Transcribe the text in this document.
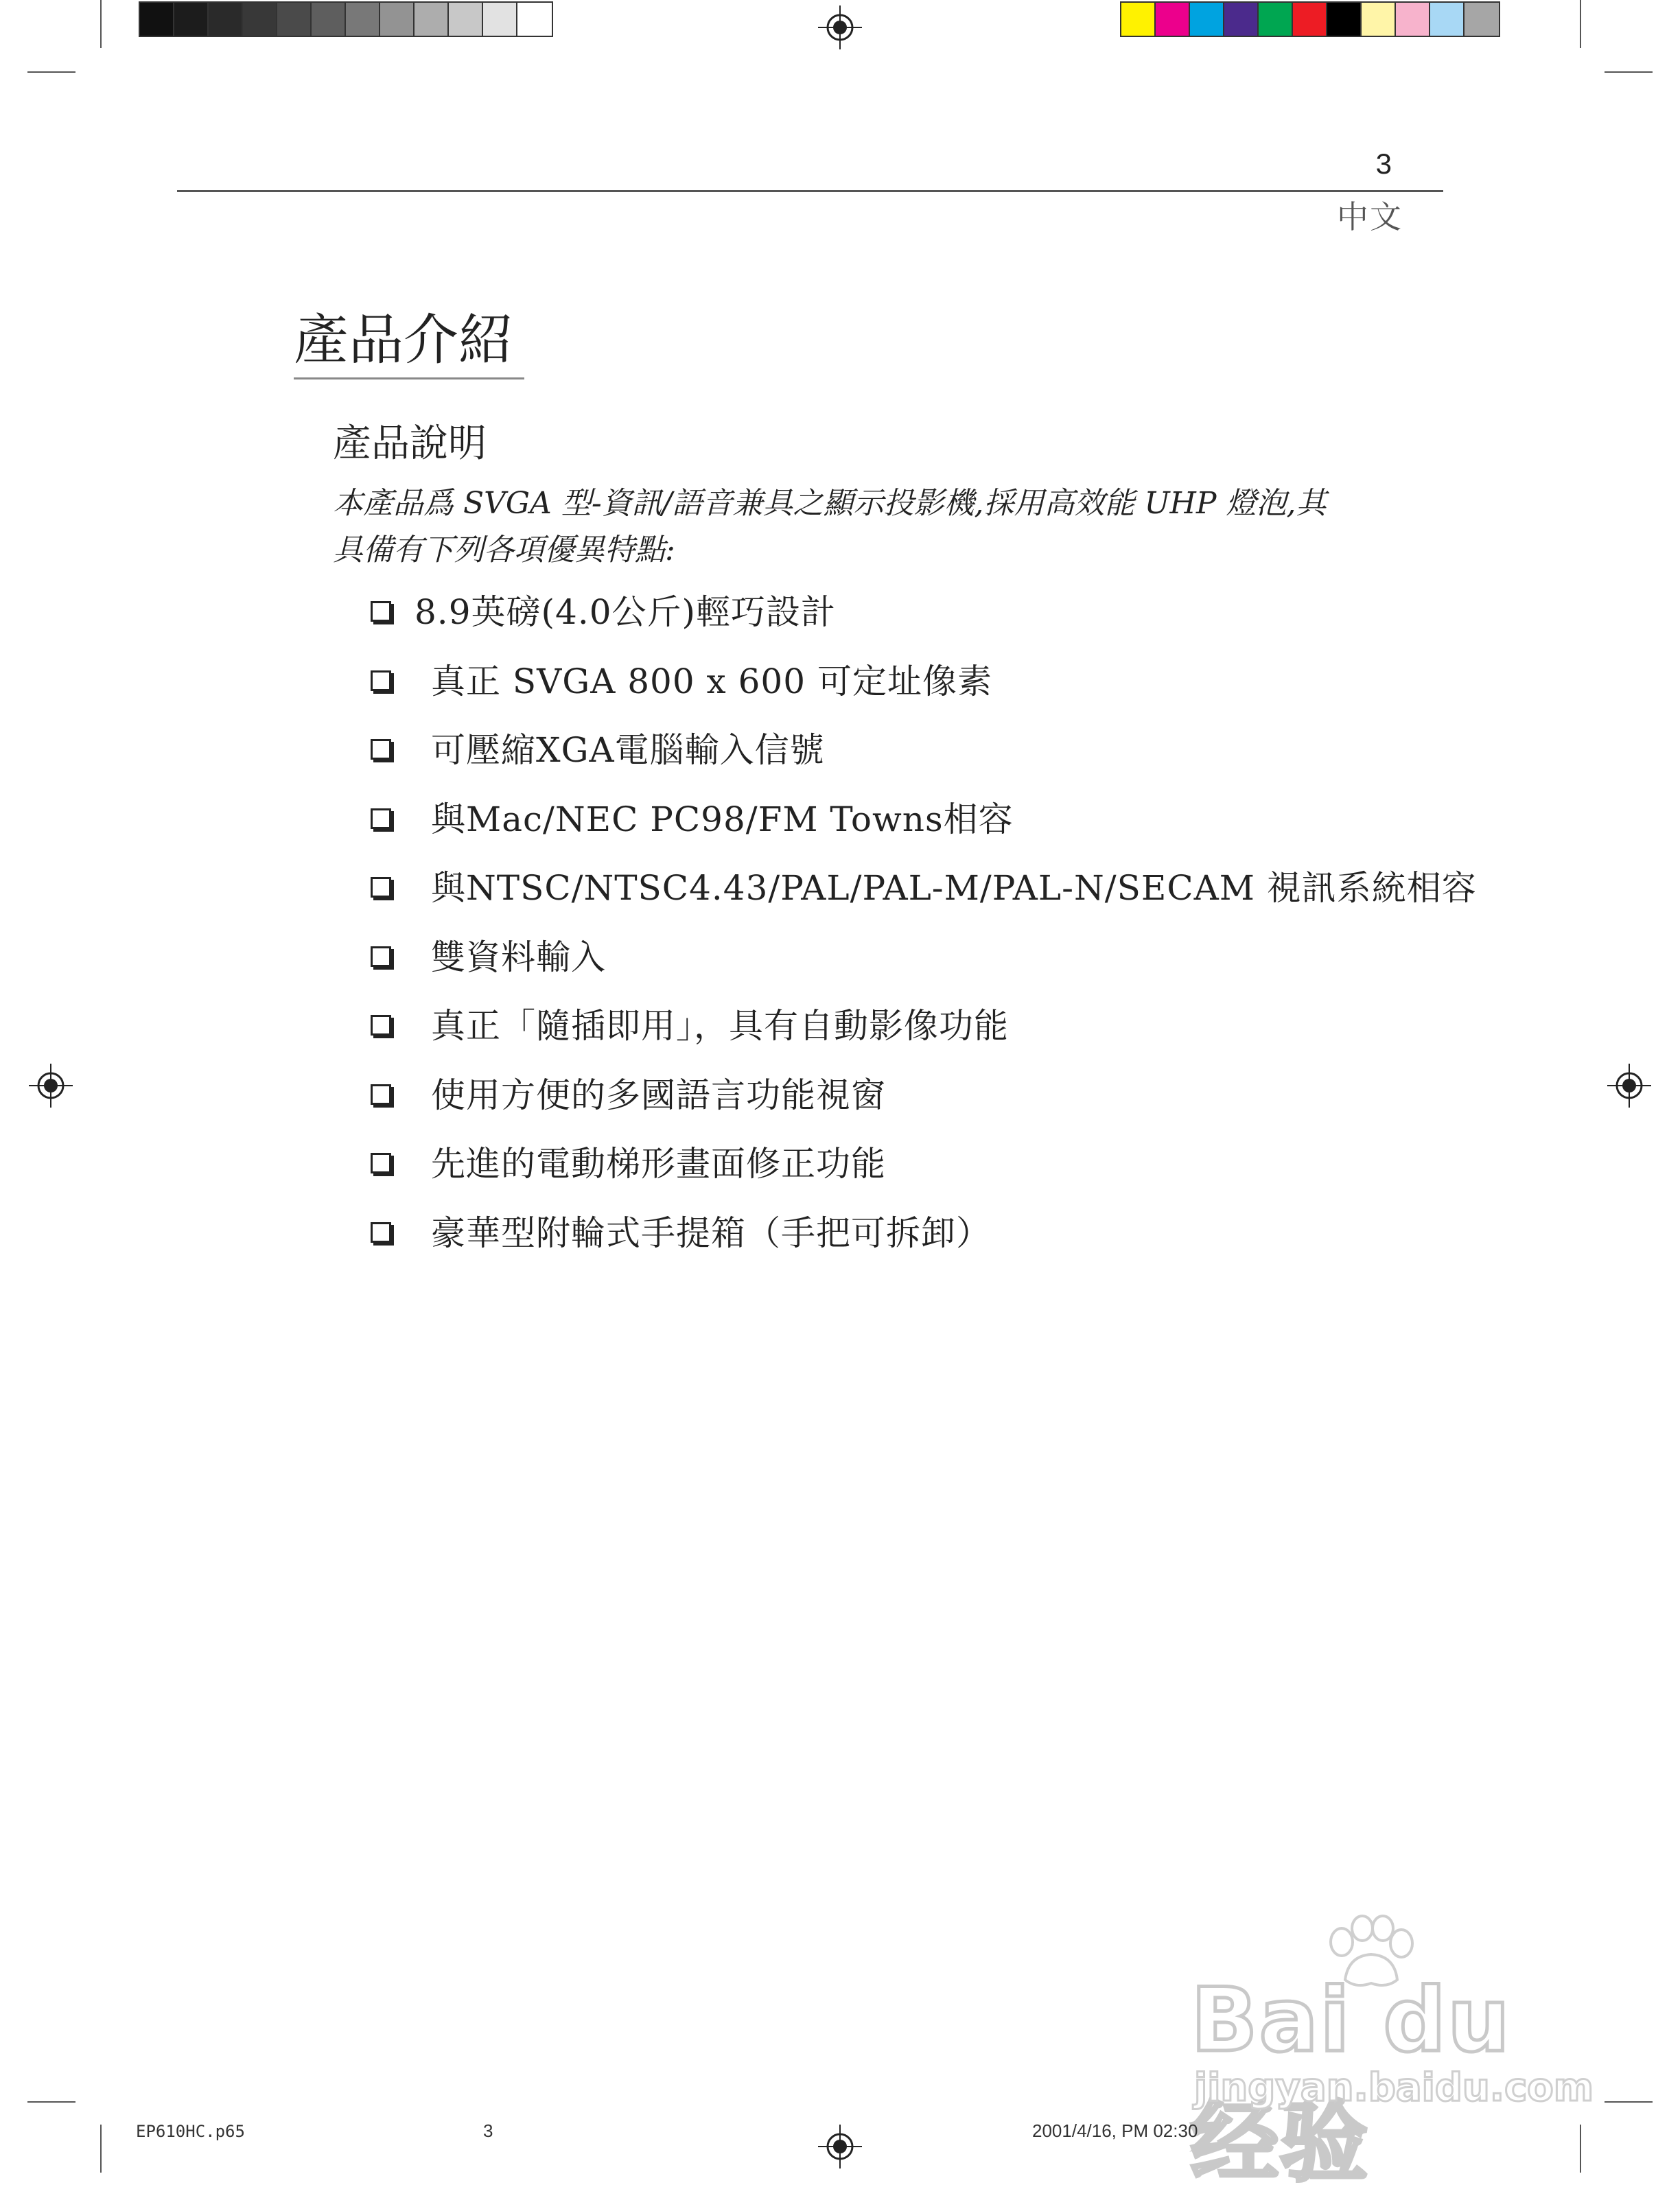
3
中文
產品介紹
產品說明
本產品爲 SVGA 型-資訊/語音兼具之顯示投影機,採用高效能 UHP 燈泡,其
具備有下列各項優異特點:
8.9英磅(4.0公斤)輕巧設計
真正 SVGA 800 x 600 可定址像素
可壓縮XGA電腦輸入信號
與Mac/NEC PC98/FM Towns相容
與NTSC/NTSC4.43/PAL/PAL-M/PAL-N/SECAM 視訊系統相容
雙資料輸入
真正「隨插即用」，具有自動影像功能
使用方便的多國語言功能視窗
先進的電動梯形畫面修正功能
豪華型附輪式手提箱（手把可拆卸）
Bai du 经验
jingyan.baidu.com
EP610HC.p65	3	2001/4/16, PM 02:30
